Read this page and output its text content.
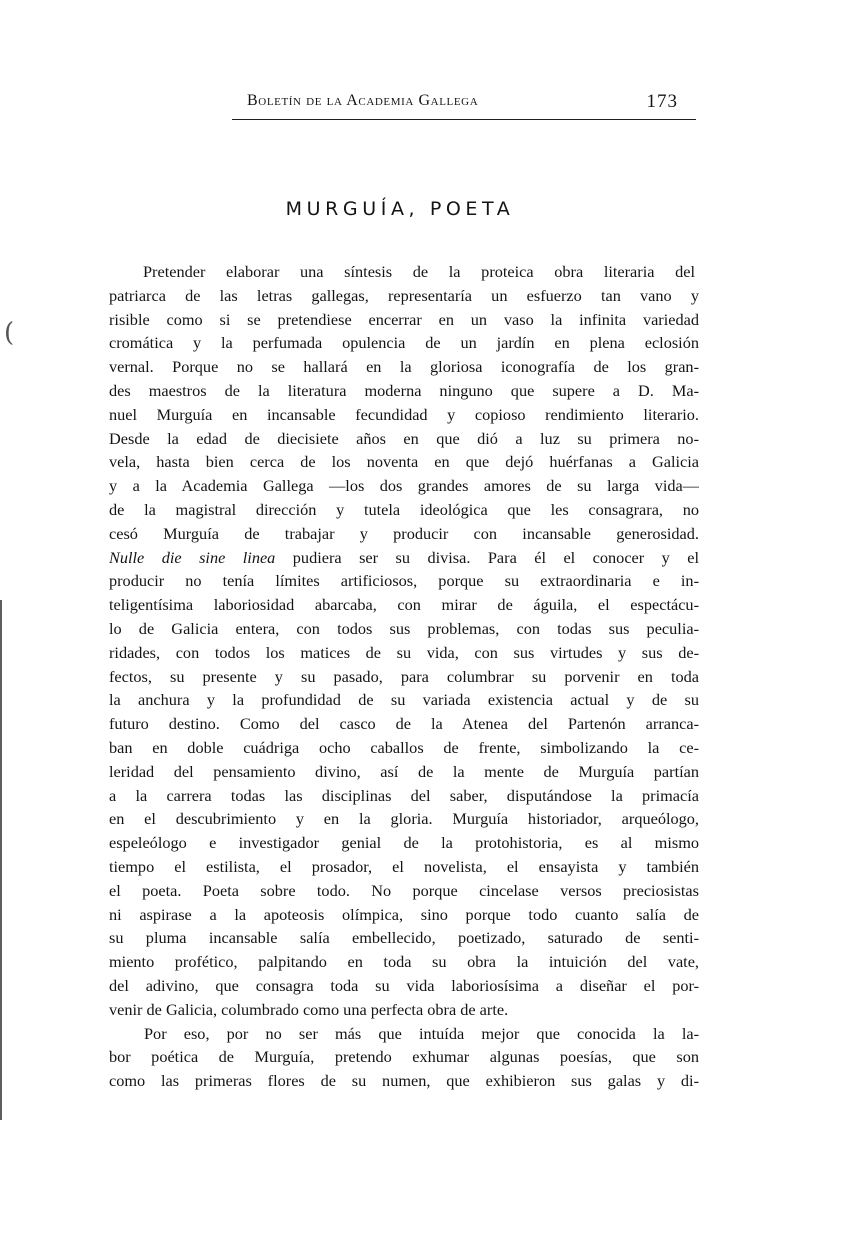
(
Boletín de la Academia Gallega	173
MURGUÍA, POETA
Pretender elaborar una síntesis de la proteica obra literaria del
patriarca de las letras gallegas, representaría un esfuerzo tan vano y
risible como si se pretendiese encerrar en un vaso la infinita variedad
cromática y la perfumada opulencia de un jardín en plena eclosión
vernal. Porque no se hallará en la gloriosa iconografía de los gran-
des maestros de la literatura moderna ninguno que supere a D. Ma-
nuel Murguía en incansable fecundidad y copioso rendimiento literario.
Desde la edad de diecisiete años en que dió a luz su primera no-
vela, hasta bien cerca de los noventa en que dejó huérfanas a Galicia
y a la Academia Gallega —los dos grandes amores de su larga vida—
de la magistral dirección y tutela ideológica que les consagrara, no
cesó Murguía de trabajar y producir con incansable generosidad.
Nulle die sine linea pudiera ser su divisa. Para él el conocer y el
producir no tenía límites artificiosos, porque su extraordinaria e in-
teligentísima laboriosidad abarcaba, con mirar de águila, el espectácu-
lo de Galicia entera, con todos sus problemas, con todas sus peculia-
ridades, con todos los matices de su vida, con sus virtudes y sus de-
fectos, su presente y su pasado, para columbrar su porvenir en toda
la anchura y la profundidad de su variada existencia actual y de su
futuro destino. Como del casco de la Atenea del Partenón arranca-
ban en doble cuádriga ocho caballos de frente, simbolizando la ce-
leridad del pensamiento divino, así de la mente de Murguía partían
a la carrera todas las disciplinas del saber, disputándose la primacía
en el descubrimiento y en la gloria. Murguía historiador, arqueólogo,
espeleólogo e investigador genial de la protohistoria, es al mismo
tiempo el estilista, el prosador, el novelista, el ensayista y también
el poeta. Poeta sobre todo. No porque cincelase versos preciosistas
ni aspirase a la apoteosis olímpica, sino porque todo cuanto salía de
su pluma incansable salía embellecido, poetizado, saturado de senti-
miento profético, palpitando en toda su obra la intuición del vate,
del adivino, que consagra toda su vida laboriosísima a diseñar el por-
venir de Galicia, columbrado como una perfecta obra de arte.
Por eso, por no ser más que intuída mejor que conocida la la-
bor poética de Murguía, pretendo exhumar algunas poesías, que son
como las primeras flores de su numen, que exhibieron sus galas y di-
